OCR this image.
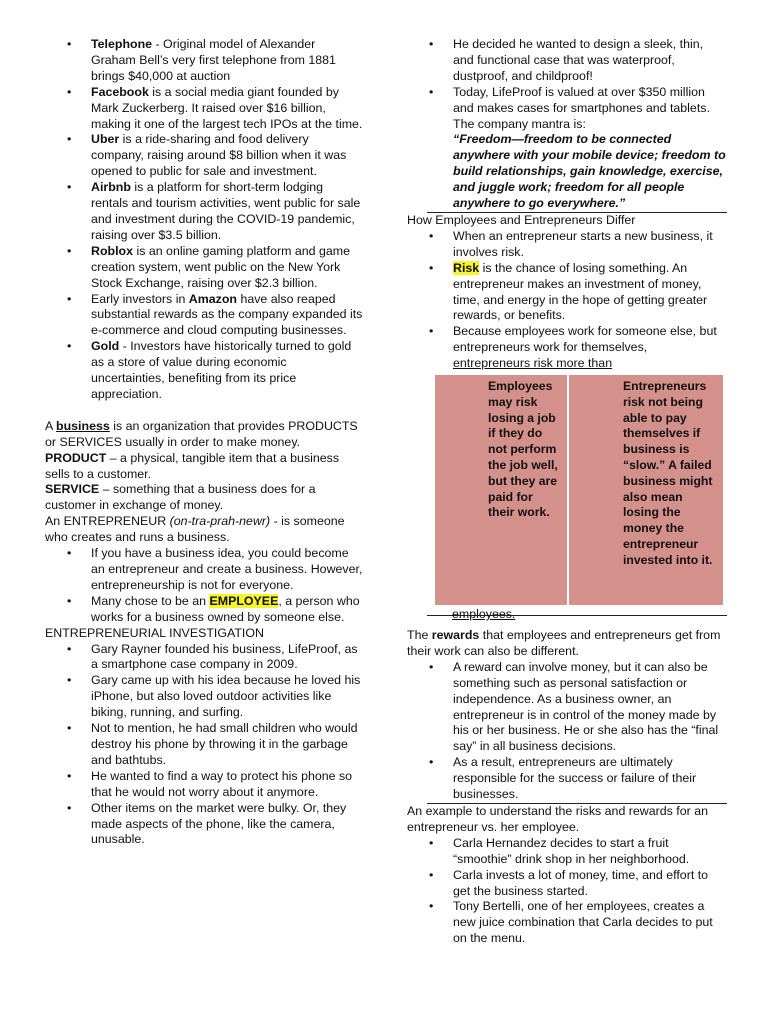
• Telephone - Original model of Alexander Graham Bell’s very first telephone from 1881 brings $40,000 at auction
• Facebook is a social media giant founded by Mark Zuckerberg. It raised over $16 billion, making it one of the largest tech IPOs at the time.
• Uber is a ride-sharing and food delivery company, raising around $8 billion when it was opened to public for sale and investment.
• Airbnb is a platform for short-term lodging rentals and tourism activities, went public for sale and investment during the COVID-19 pandemic, raising over $3.5 billion.
• Roblox is an online gaming platform and game creation system, went public on the New York Stock Exchange, raising over $2.3 billion.
• Early investors in Amazon have also reaped substantial rewards as the company expanded its e-commerce and cloud computing businesses.
• Gold - Investors have historically turned to gold as a store of value during economic uncertainties, benefiting from its price appreciation.

A business is an organization that provides PRODUCTS or SERVICES usually in order to make money.

PRODUCT – a physical, tangible item that a business sells to a customer.

SERVICE – something that a business does for a customer in exchange of money.

An ENTREPRENEUR (on-tra-prah-newr) - is someone who creates and runs a business.

• If you have a business idea, you could become an entrepreneur and create a business. However, entrepreneurship is not for everyone.
• Many chose to be an EMPLOYEE, a person who works for a business owned by someone else.

ENTREPRENEURIAL INVESTIGATION

• Gary Rayner founded his business, LifeProof, as a smartphone case company in 2009.
• Gary came up with his idea because he loved his iPhone, but also loved outdoor activities like biking, running, and surfing.
• Not to mention, he had small children who would destroy his phone by throwing it in the garbage and bathtubs.
• He wanted to find a way to protect his phone so that he would not worry about it anymore.
• Other items on the market were bulky. Or, they made aspects of the phone, like the camera, unusable.
• He decided he wanted to design a sleek, thin, and functional case that was waterproof, dustproof, and childproof!
• Today, LifeProof is valued at over $350 million and makes cases for smartphones and tablets. The company mantra is:
“Freedom—freedom to be connected anywhere with your mobile device; freedom to build relationships, gain knowledge, exercise, and juggle work; freedom for all people anywhere to go everywhere.”

How Employees and Entrepreneurs Differ

• When an entrepreneur starts a new business, it involves risk.
• Risk is the chance of losing something. An entrepreneur makes an investment of money, time, and energy in the hope of getting greater rewards, or benefits.
• Because employees work for someone else, but entrepreneurs work for themselves, entrepreneurs risk more than
Employees may risk losing a job if they do not perform the job well, but they are paid for their work.
Entrepreneurs risk not being able to pay themselves if business is “slow.” A failed business might also mean losing the money the entrepreneur invested into it.
employees.

The rewards that employees and entrepreneurs get from their work can also be different.

• A reward can involve money, but it can also be something such as personal satisfaction or independence. As a business owner, an entrepreneur is in control of the money made by his or her business. He or she also has the “final say” in all business decisions.
• As a result, entrepreneurs are ultimately responsible for the success or failure of their businesses.

An example to understand the risks and rewards for an entrepreneur vs. her employee.

• Carla Hernandez decides to start a fruit “smoothie” drink shop in her neighborhood.
• Carla invests a lot of money, time, and effort to get the business started.
• Tony Bertelli, one of her employees, creates a new juice combination that Carla decides to put on the menu.
